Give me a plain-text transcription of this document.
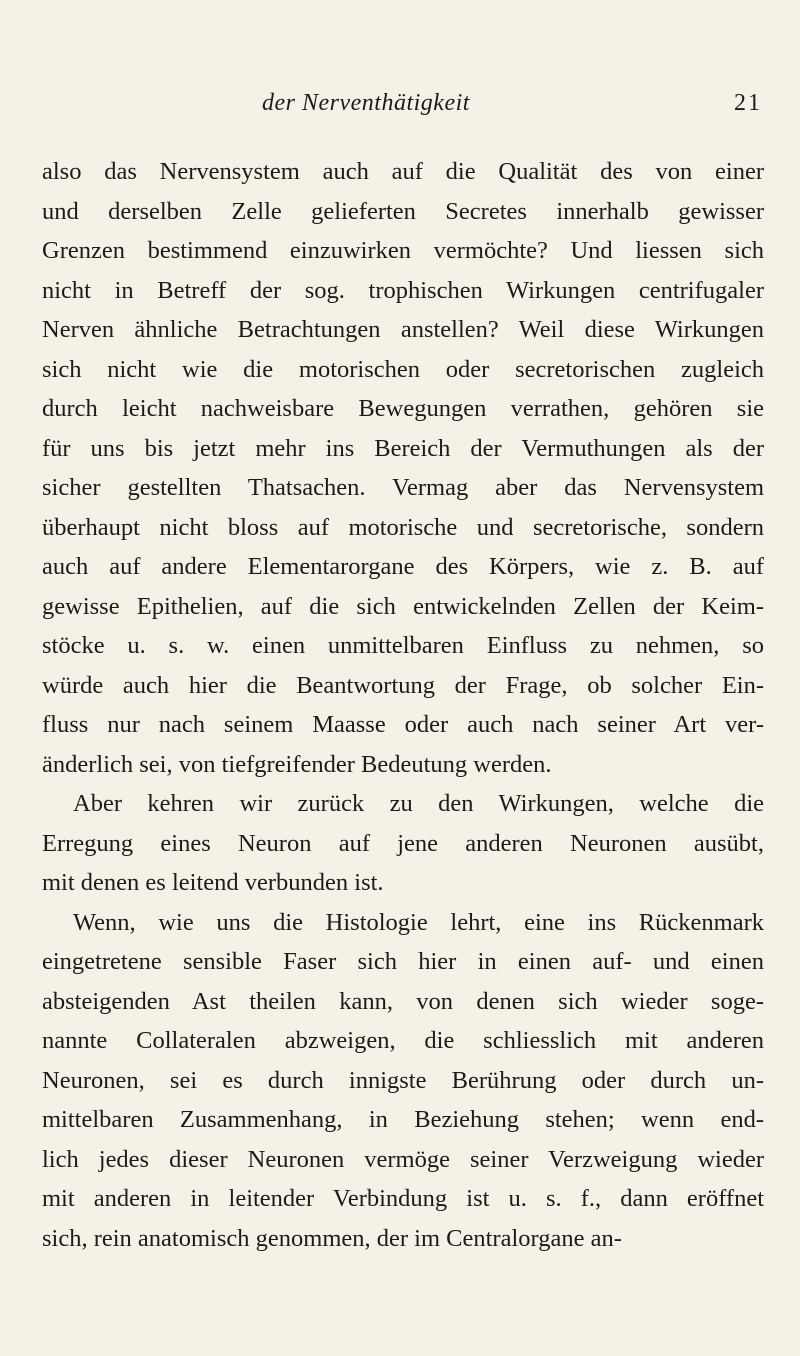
der Nerventhätigkeit	21
also das Nervensystem auch auf die Qualität des von einer
und derselben Zelle gelieferten Secretes innerhalb gewisser
Grenzen bestimmend einzuwirken vermöchte? Und liessen sich
nicht in Betreff der sog. trophischen Wirkungen centrifugaler
Nerven ähnliche Betrachtungen anstellen? Weil diese Wirkungen
sich nicht wie die motorischen oder secretorischen zugleich
durch leicht nachweisbare Bewegungen verrathen, gehören sie
für uns bis jetzt mehr ins Bereich der Vermuthungen als der
sicher gestellten Thatsachen. Vermag aber das Nervensystem
überhaupt nicht bloss auf motorische und secretorische, sondern
auch auf andere Elementarorgane des Körpers, wie z. B. auf
gewisse Epithelien, auf die sich entwickelnden Zellen der Keim-
stöcke u. s. w. einen unmittelbaren Einfluss zu nehmen, so
würde auch hier die Beantwortung der Frage, ob solcher Ein-
fluss nur nach seinem Maasse oder auch nach seiner Art ver-
änderlich sei, von tiefgreifender Bedeutung werden.
Aber kehren wir zurück zu den Wirkungen, welche die
Erregung eines Neuron auf jene anderen Neuronen ausübt,
mit denen es leitend verbunden ist.
Wenn, wie uns die Histologie lehrt, eine ins Rückenmark
eingetretene sensible Faser sich hier in einen auf- und einen
absteigenden Ast theilen kann, von denen sich wieder soge-
nannte Collateralen abzweigen, die schliesslich mit anderen
Neuronen, sei es durch innigste Berührung oder durch un-
mittelbaren Zusammenhang, in Beziehung stehen; wenn end-
lich jedes dieser Neuronen vermöge seiner Verzweigung wieder
mit anderen in leitender Verbindung ist u. s. f., dann eröffnet
sich, rein anatomisch genommen, der im Centralorgane an-
